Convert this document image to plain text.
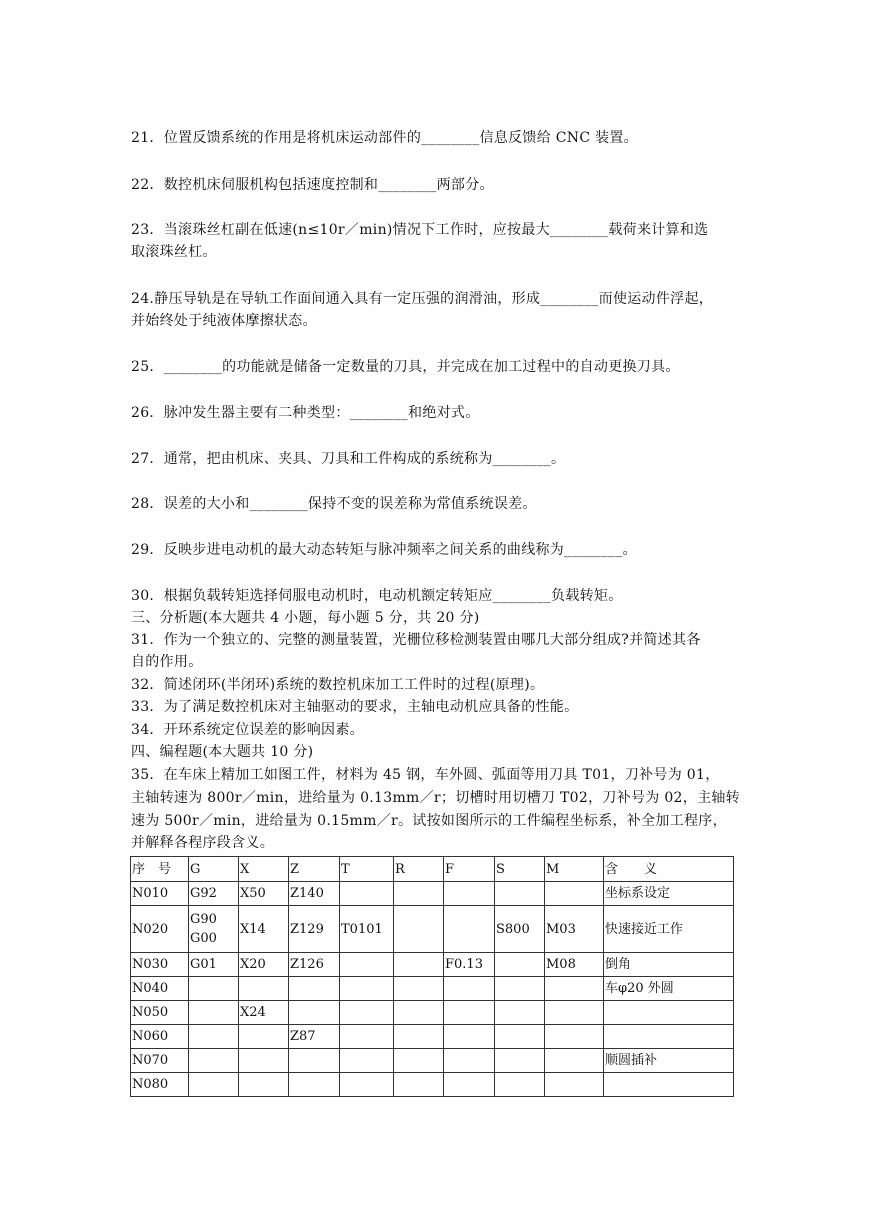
21．位置反馈系统的作用是将机床运动部件的________信息反馈给 CNC 装置。
22．数控机床伺服机构包括速度控制和________两部分。
23．当滚珠丝杠副在低速(n≤10r／min)情况下工作时，应按最大________载荷来计算和选
取滚珠丝杠。
24.静压导轨是在导轨工作面间通入具有一定压强的润滑油，形成________而使运动件浮起，
并始终处于纯液体摩擦状态。
25．________的功能就是储备一定数量的刀具，并完成在加工过程中的自动更换刀具。
26．脉冲发生器主要有二种类型：________和绝对式。
27．通常，把由机床、夹具、刀具和工件构成的系统称为________。
28．误差的大小和________保持不变的误差称为常值系统误差。
29．反映步进电动机的最大动态转矩与脉冲频率之间关系的曲线称为________。
30．根据负载转矩选择伺服电动机时，电动机额定转矩应________负载转矩。
三、分析题(本大题共 4 小题，每小题 5 分，共 20 分)
31．作为一个独立的、完整的测量装置，光栅位移检测装置由哪几大部分组成?并简述其各
自的作用。
32．简述闭环(半闭环)系统的数控机床加工工件时的过程(原理)。
33．为了满足数控机床对主轴驱动的要求，主轴电动机应具备的性能。
34．开环系统定位误差的影响因素。
四、编程题(本大题共 10 分)
35．在车床上精加工如图工件，材料为 45 钢，车外圆、弧面等用刀具 T01，刀补号为 01，
主轴转速为 800r／min，进给量为 0.13mm／r；切槽时用切槽刀 T02，刀补号为 02，主轴转
速为 500r／min，进给量为 0.15mm／r。试按如图所示的工件编程坐标系，补全加工程序，
并解释各程序段含义。
序　号	G	X	Z	T	R	F	S	M	含　　义
N010	G92	X50	Z140						坐标系设定
N020	G90
G00	X14	Z129	T0101			S800	M03	快速接近工作
N030	G01	X20	Z126			F0.13		M08	倒角
N040									车φ20 外圆
N050		X24							
N060			Z87						
N070									顺圆插补
N080									
